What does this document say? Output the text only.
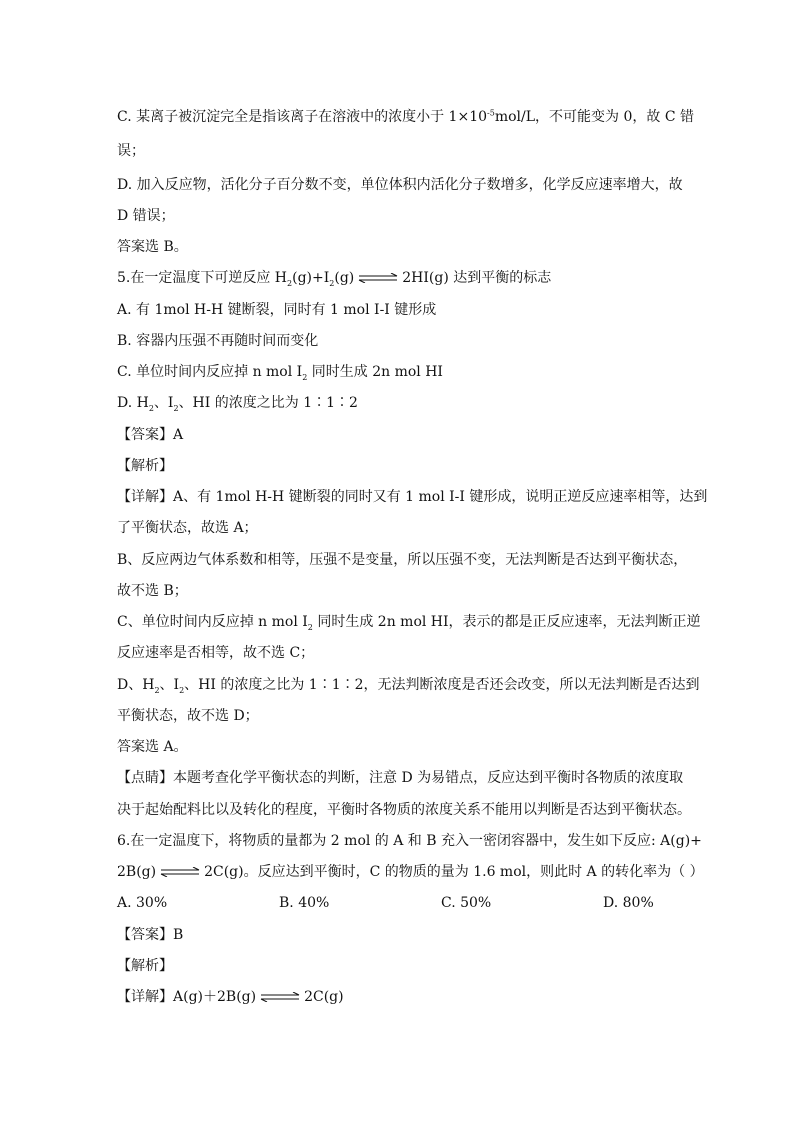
C. 某离子被沉淀完全是指该离子在溶液中的浓度小于 $1\times 10^{-5}mol/L$，不可能变为 0，故 C 错
误；
D. 加入反应物，活化分子百分数不变，单位体积内活化分子数增多，化学反应速率增大，故
D 错误；
答案选 B。
5.在一定温度下可逆反应 $H_2(g)+I_2(g)$ ⇌ 2HI(g) 达到平衡的标志
A. 有 1mol H-H 键断裂，同时有 1 mol I-I 键形成
B. 容器内压强不再随时间而变化
C. 单位时间内反应掉 n mol $I_2$ 同时生成 2n mol HI
D. $H_2$、$I_2$、HI 的浓度之比为 1∶1∶2
【答案】A
【解析】
【详解】A、有 1mol H-H 键断裂的同时又有 1 mol I-I 键形成，说明正逆反应速率相等，达到
了平衡状态，故选 A；
B、反应两边气体系数和相等，压强不是变量，所以压强不变，无法判断是否达到平衡状态，
故不选 B；
C、单位时间内反应掉 n mol $I_2$ 同时生成 2n mol HI，表示的都是正反应速率，无法判断正逆
反应速率是否相等，故不选 C；
D、$H_2$、$I_2$、HI 的浓度之比为 1∶1∶2，无法判断浓度是否还会改变，所以无法判断是否达到
平衡状态，故不选 D；
答案选 A。
【点睛】本题考查化学平衡状态的判断，注意 D 为易错点，反应达到平衡时各物质的浓度取
决于起始配料比以及转化的程度，平衡时各物质的浓度关系不能用以判断是否达到平衡状态。
6.在一定温度下，将物质的量都为 2 mol 的 A 和 B 充入一密闭容器中，发生如下反应: A(g)+
2B(g) ⇌ 2C(g)。反应达到平衡时，C 的物质的量为 1.6 mol，则此时 A 的转化率为（ ）
A. 30%	B. 40%	C. 50%	D. 80%
【答案】B
【解析】
【详解】A(g)＋2B(g) ⇌ 2C(g)
